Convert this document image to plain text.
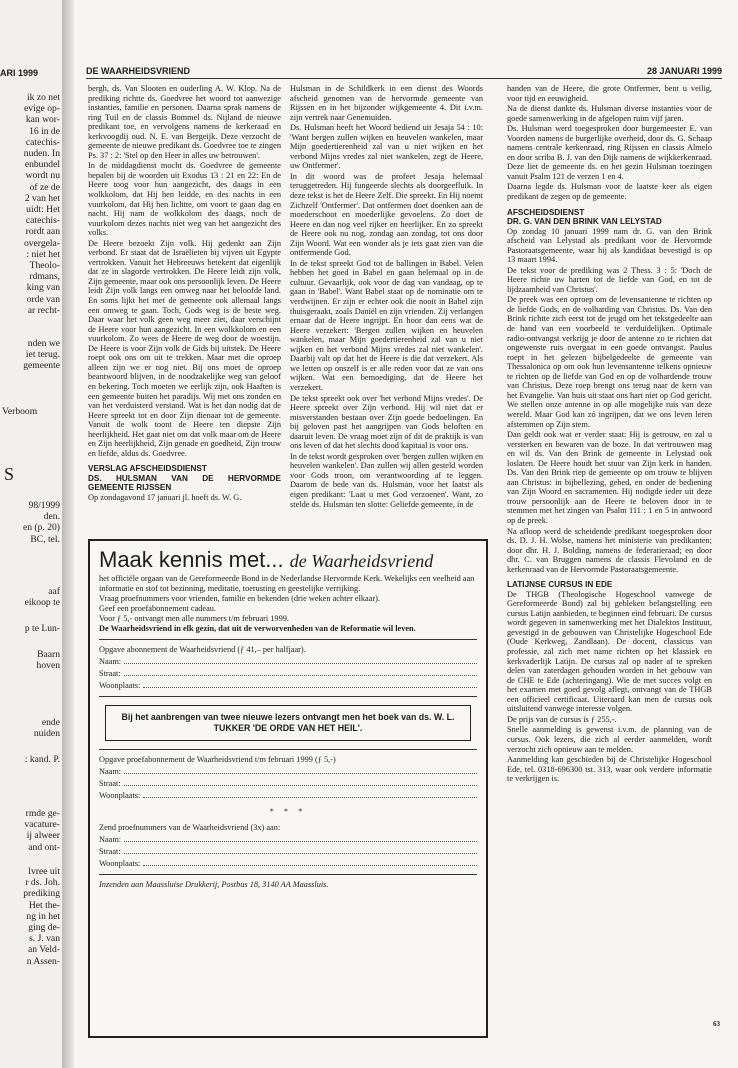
ARI 1999
ik zo net
evige op-
kan wor-
16 in de
catechis-
nuden. In
enbundel
wordt nu
of ze de
2 van het
uidt: Het
catechis-
rordt aan
overgela-
: niet het
Theolo-
rdmans,
king van
orde van
ar recht-
nden we
iet terug.
gemeente
Verboom
S
98/1999
den.
en (p. 20)
BC, tel.
aaf
eikoop te
p te Lun-
Baarn
hoven
ende
nuiden
: kand. P.
rmde ge-
vacature-
ij alweer
and ont-
lvree uit
r ds. Joh.
prediking
Het the-
ng in het
ging de-
s. J. van
an Veld-
n Assen-
DE WAARHEIDSVRIEND	28 JANUARI 1999

bergh, ds. Van Slooten en ouderling A. W. Klop. Na de prediking richtte ds. Goedvree het woord tot aanwezige instanties, familie en personen. Daarna sprak namens de ring Tuil en de classis Bommel ds. Nijland de nieuwe predikant toe, en vervolgens namens de kerkeraad en kerkvoogdij oud. N. E. van Bergeijk. Deze verzocht de gemeente de nieuwe predikant ds. Goedvree toe te zingen Ps. 37 : 2: 'Stel op den Heer in alles uw betrouwen'.

In de middagdienst mocht ds. Goedvree de gemeente bepalen bij de woorden uit Exodus 13 : 21 en 22: En de Heere toog voor hun aangezicht, des daags in een wolkkolom, dat Hij hen leidde, en des nachts in een vuurkolom, dat Hij hen lichtte, om voort te gaan dag en nacht. Hij nam de wolkkolom des daags, noch de vuurkolom dezes nachts niet weg van het aangezicht des volks.

De Heere bezoekt Zijn volk. Hij gedenkt aan Zijn verbond. Er staat dat de Israëlieten bij vijven uit Egypte vertrokken. Vanuit het Hebreeuws betekent dat eigenlijk dat ze in slagorde vertrokken. De Heere leidt zijn volk, Zijn gemeente, maar ook ons persoonlijk leven. De Heere leidt Zijn volk langs een omweg naar het beloofde land. En soms lijkt het met de gemeente ook allemaal langs een omweg te gaan. Toch, Gods weg is de beste weg. Daar waar het volk geen weg meer ziet, daar verschijnt de Heere voor hun aangezicht. In een wolkkolom en een vuurkolom. Zo wees de Heere de weg door de woestijn. De Heere is voor Zijn volk de Gids bij uitstek. De Heere roept ook ons om uit te trekken. Maar met die oproep alleen zijn we er nog niet. Bij ons moet de oproep beantwoord blijven, in de noodzakelijke weg van geloof en bekering. Toch moeten we eerlijk zijn, ook Haaften is een gemeente buiten het paradijs. Wij met ons zonden en van het verduisterd verstand. Wat is het dan nodig dat de Heere spreekt tot en door Zijn dienaar tot de gemeente. Vanuit de wolk toont de Heere ten diepste Zijn heerlijkheid. Het gaat niet om dat volk maar om de Heere en Zijn heerlijkheid, Zijn genade en goedheid, Zijn trouw en liefde, aldus ds. Goedvree.

VERSLAG AFSCHEIDSDIENST
DS. HULSMAN VAN DE HERVORMDE GEMEENTE RIJSSEN

Op zondagavond 17 januari jl. hoeft ds. W. G.

Hulsman in de Schildkerk in een dienst des Woords afscheid genomen van de hervormde gemeente van Rijssen en in het bijzonder wijkgemeente 4. Dit i.v.m. zijn vertrek naar Genemuiden.

Ds. Hulsman heeft het Woord bediend uit Jesaja 54 : 10: 'Want bergen zullen wijken en heuvelen wankelen, maar Mijn goedertierenheid zal van u niet wijken en het verbond Mijns vredes zal niet wankelen, zegt de Heere, uw Ontfermer'.

In dit woord was de profeet Jesaja helemaal teruggetreden. Hij fungeerde slechts als doorgeefluik. In deze tekst is het de Heere Zelf. Die spreekt. En Hij noemt Zichzelf 'Ontfermer'. Dat ontfermen doet doenken aan de moederschoot en moederlijke gevoelens. Zo doet de Heere en dan nog veel rijker en heerlijker. En zo spreekt de Heere ook nu nog, zondag aan zondag, tot ons door Zijn Woord. Wat een wonder als je iets gaat zien van die ontfermende God.

In de tekst spreekt God tot de ballingen in Babel. Velen hebben het goed in Babel en gaan helemaal op in de cultuur. Gevaarlijk, ook voor de dag van vandaag, op te gaan in 'Babel'. Want Babel staat op de nominatie om te verdwijnen. Er zijn er echter ook die nooit in Babel zijn thuisgeraakt, zoals Daniël en zijn vrienden. Zij verlangen ernaar dat de Heere ingrijpt. En hoor dan eens wat de Heere verzekert: 'Bergen zullen wijken en heuvelen wankelen, maar Mijn goedertierenheid zal van u niet wijken en het verbond Mijns vredes zal niet wankelen'. Daarbij valt op dat het de Heere is die dat verzekert. Als we letten op onszelf is er alle reden voor dat ze van ons wijken. Wat een bemoediging, dat de Heere het verzekert.

De tekst spreekt ook over 'het verbond Mijns vredes'. De Heere spreekt over Zijn verbond. Hij wil niet dat er misverstanden bestaan over Zijn goede bedoelingen. En bij geloven past het aangrijpen van Gods beloften en daaruit leven. De vraag moet zijn of dit de praktijk is van ons leven of dat het slechts dood kapitaal is voor ons.

In de tekst wordt gesproken over 'bergen zullen wijken en heuvelen wankelen'. Dan zullen wij allen gesteld worden voor Gods troon, om verantwoording af te leggen. Daarom de bede van ds. Hulsman, voor het laatst als eigen predikant: 'Laat u met God verzoenen'. Want, zo stelde ds. Hulsman ten slotte: Geliefde gemeente, in de

handen van de Heere, die grote Ontfermer, bent u veilig, voor tijd en eeuwigheid.

Na de dienst dankte ds. Hulsman diverse instanties voor de goede samenwerking in de afgelopen ruim vijf jaren.

Ds. Hulsman werd toegesproken door burgemeester E. van Voorden namens de burgerlijke overheid, door ds. G. Schaap namens centrale kerkenraad, ring Rijssen en classis Almelo en door scriba B. J. van den Dijk namens de wijkkerkenraad. Deze liet de gemeente ds. en het gezin Hulsman toezingen vanuit Psalm 121 de verzen 1 en 4.

Daarna legde ds. Hulsman voor de laatste keer als eigen predikant de zegen op de gemeente.

AFSCHEIDSDIENST
DR. G. VAN DEN BRINK VAN LELYSTAD

Op zondag 10 januari 1999 nam dr. G. van den Brink afscheid van Lelystad als predikant voor de Hervormde Pastoraatsgemeente, waar hij als kandidaat bevestigd is op 13 maart 1994.

De tekst voor de prediking was 2 Thess. 3 : 5: 'Doch de Heere richte uw harten tot de liefde van God, en tot de lijdzaamheid van Christus'.

De preek was een oproep om de levensantenne te richten op de liefde Gods, en de volharding van Christus. Ds. Van den Brink richtte zich eerst tot de jeugd om het tekstgedeelte aan de hand van een voorbeeld te verduidelijken. Optimale radio-ontvangst verkrijg je door de antenne zo te richten dat ongewenste ruis overgaat in een goede ontvangst. Paulus roept in het gelezen bijbelgedeelte de gemeente van Thessalonica op om ook hun levensantenne telkens opnieuw te richten op de liefde van God en op de volhardende trouw van Christus. Deze roep brengt ons terug naar de kern van het Evangelie. Van huis uit staat ons hart niet op God gericht. We stellen onze antenne in op alle mogelijke ruis van deze wereld. Maar God kan zó ingrijpen, dat we ons leven leren afstemmen op Zijn stem.

Dan geldt ook wat er verder staat: Hij is getrouw, en zal u versterken en bewaren van de boze. In dat vertrouwen mag en wil ds. Van den Brink de gemeente in Lelystad ook loslaten. De Heere houdt het stuur van Zijn kerk in handen. Ds. Van den Brink riep de gemeente op om trouw te blijven aan Christus: in bijbellezing, gebed, en onder de bediening van Zijn Woord en sacramenten. Hij nodigde ieder uit deze trouw persoonlijk aan de Heere te beloven door in te stemmen met het zingen van Psalm 111 : 1 en 5 in antwoord op de preek.

Na afloop werd de scheidende predikant toegesproken door ds. D. J. H. Wolse, namens het ministerie van predikanten; door dhr. H. J. Bolding, namens de federatieraad; en door dhr. C. van Bruggen namens de classis Flevoland en de kerkenraad van de Hervormde Pastoraatsgemeente.

LATIJNSE CURSUS IN EDE

De THGB (Theologische Hogeschool vanwege de Gereformeerde Bond) zal bij gebleken belangstelling een cursus Latijn aanbieden, te beginnen eind februari. De cursus wordt gegeven in samenwerking met het Dialektos Instituut, gevestigd in de gebouwen van Christelijke Hogeschool Ede (Oude Kerkweg, Zandlaan). De docent, classicus van professie, zal zich met name richten op het klassiek en kerkvaderlijk Latijn. De cursus zal op nader af te spreken delen van zaterdagen gehouden worden in het gebouw van de CHE te Ede (achteringang). Wie de met succes volgt en het examen met goed gevolg aflegt, ontvangt van de THGB een officieel certificaat. Uiteraard kan men de cursus ook uitsluitend vanwege interesse volgen.

De prijs van de cursus is ƒ 255,-.

Snelle aanmelding is gewenst i.v.m. de planning van de cursus. Ook lezers, die zich al eerder aanmelden, wordt verzocht zich opnieuw aan te melden.

Aanmelding kan geschieden bij de Christelijke Hogeschool Ede, tel. 0318-696300 tst. 313, waar ook verdere informatie te verkrijgen is.

Maak kennis met... de Waarheidsvriend

het officiële orgaan van de Gereformeerde Bond in de Nederlandse Hervormde Kerk. Wekelijks een veelheid aan informatie en stof tot bezinning, meditatie, toerusting en geestelijke verrijking.

Vraag proefnummers voor vrienden, familie en bekenden (drie weken achter elkaar).

Geef een proefabonnement cadeau.

Voor ƒ 5,- ontvangt men alle nummers t/m februari 1999.

De Waarheidsvriend in elk gezin, dat uit de verworvenheden van de Reformatie wil leven.

Opgave abonnement de Waarheidsvriend (ƒ 41,– per halfjaar).

Naam:
Straat:
Woonplaats:
Bij het aanbrengen van twee nieuwe lezers ontvangt men het boek van ds. W. L. TUKKER 'DE ORDE VAN HET HEIL'.

Opgave proefabonnement de Waarheidsvriend t/m februari 1999 (ƒ 5,-)

Naam:
Straat:
Woonplaats:
* * *

Zend proefnummers van de Waarheidsvriend (3x) aan:

Naam:
Straat:
Woonplaats:

Inzenden aan Maassluise Drukkerij, Postbus 18, 3140 AA Maassluis.

63
